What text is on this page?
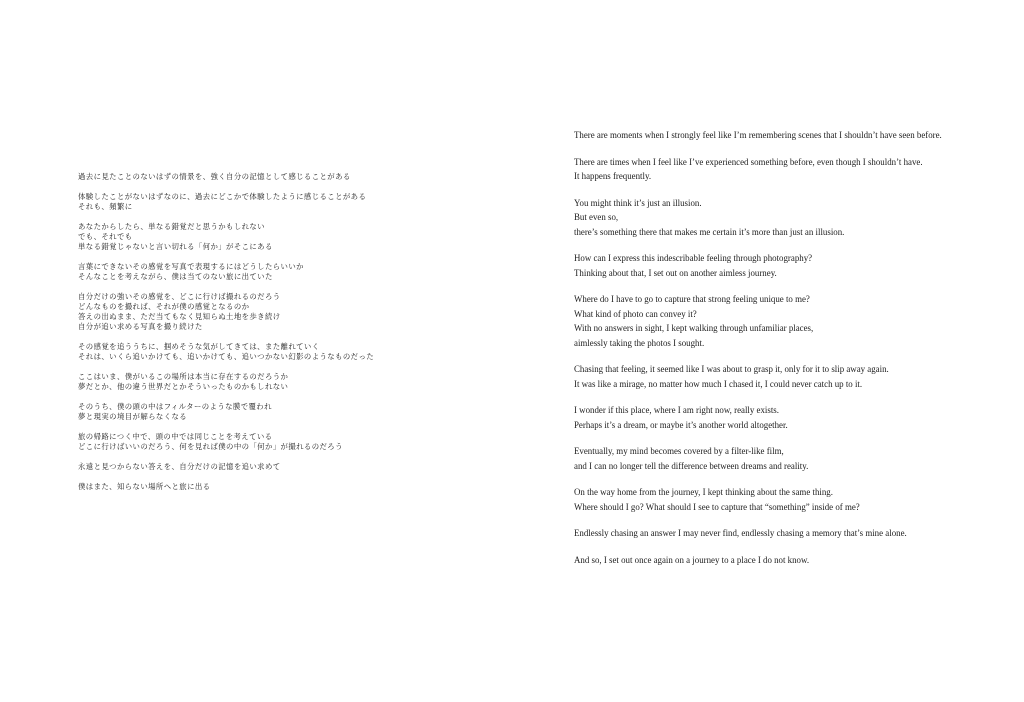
過去に見たことのないはずの情景を、強く自分の記憶として感じることがある
体験したことがないはずなのに、過去にどこかで体験したように感じることがある
それも、頻繁に
あなたからしたら、単なる錯覚だと思うかもしれない
でも、それでも
単なる錯覚じゃないと言い切れる「何か」がそこにある
言葉にできないその感覚を写真で表現するにはどうしたらいいか
そんなことを考えながら、僕は当てのない旅に出ていた
自分だけの強いその感覚を、どこに行けば撮れるのだろう
どんなものを撮れば、それが僕の感覚となるのか
答えの出ぬまま、ただ当てもなく見知らぬ土地を歩き続け
自分が追い求める写真を撮り続けた
その感覚を追ううちに、掴めそうな気がしてきては、また離れていく
それは、いくら追いかけても、追いかけても、追いつかない幻影のようなものだった
ここはいま、僕がいるこの場所は本当に存在するのだろうか
夢だとか、他の違う世界だとかそういったものかもしれない
そのうち、僕の頭の中はフィルターのような膜で覆われ
夢と現実の境目が解らなくなる
旅の帰路につく中で、頭の中では同じことを考えている
どこに行けばいいのだろう、何を見れば僕の中の「何か」が撮れるのだろう
永遠と見つからない答えを、自分だけの記憶を追い求めて
僕はまた、知らない場所へと旅に出る
There are moments when I strongly feel like I’m remembering scenes that I shouldn’t have seen before.
There are times when I feel like I’ve experienced something before, even though I shouldn’t have.
It happens frequently.
You might think it’s just an illusion.
But even so,
there’s something there that makes me certain it’s more than just an illusion.
How can I express this indescribable feeling through photography?
Thinking about that, I set out on another aimless journey.
Where do I have to go to capture that strong feeling unique to me?
What kind of photo can convey it?
With no answers in sight, I kept walking through unfamiliar places,
aimlessly taking the photos I sought.
Chasing that feeling, it seemed like I was about to grasp it, only for it to slip away again.
It was like a mirage, no matter how much I chased it, I could never catch up to it.
I wonder if this place, where I am right now, really exists.
Perhaps it’s a dream, or maybe it’s another world altogether.
Eventually, my mind becomes covered by a filter-like film,
and I can no longer tell the difference between dreams and reality.
On the way home from the journey, I kept thinking about the same thing.
Where should I go? What should I see to capture that “something” inside of me?
Endlessly chasing an answer I may never find, endlessly chasing a memory that’s mine alone.
And so, I set out once again on a journey to a place I do not know.
